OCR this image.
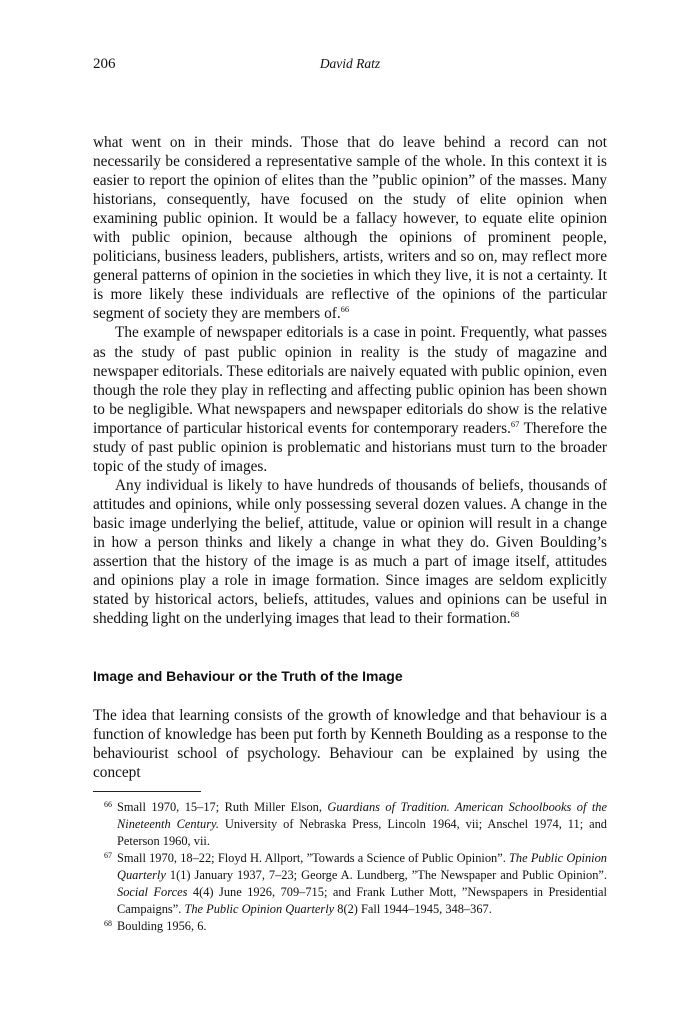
206	David Ratz

what went on in their minds. Those that do leave behind a record can not necessarily be considered a representative sample of the whole. In this context it is easier to report the opinion of elites than the ”public opinion” of the masses. Many historians, consequently, have focused on the study of elite opinion when examining public opinion. It would be a fallacy however, to equate elite opinion with public opinion, because although the opinions of prominent people, politicians, business leaders, publishers, artists, writers and so on, may reflect more general patterns of opinion in the societies in which they live, it is not a certainty. It is more likely these individuals are reflective of the opinions of the particular segment of society they are members of.$^{66}$

The example of newspaper editorials is a case in point. Frequently, what passes as the study of past public opinion in reality is the study of magazine and newspaper editorials. These editorials are naively equated with public opinion, even though the role they play in reflecting and affecting public opinion has been shown to be negligible. What newspapers and newspaper editorials do show is the relative importance of particular historical events for contemporary readers.$^{67}$ Therefore the study of past public opinion is problematic and historians must turn to the broader topic of the study of images.

Any individual is likely to have hundreds of thousands of beliefs, thousands of attitudes and opinions, while only possessing several dozen values. A change in the basic image underlying the belief, attitude, value or opinion will result in a change in how a person thinks and likely a change in what they do. Given Boulding’s assertion that the history of the image is as much a part of image itself, attitudes and opinions play a role in image formation. Since images are seldom explicitly stated by historical actors, beliefs, attitudes, values and opinions can be useful in shedding light on the underlying images that lead to their formation.$^{68}$

Image and Behaviour or the Truth of the Image

The idea that learning consists of the growth of knowledge and that behaviour is a function of knowledge has been put forth by Kenneth Boulding as a response to the behaviourist school of psychology. Behaviour can be explained by using the concept

66 Small 1970, 15–17; Ruth Miller Elson, Guardians of Tradition. American Schoolbooks of the Nineteenth Century. University of Nebraska Press, Lincoln 1964, vii; Anschel 1974, 11; and Peterson 1960, vii.
67 Small 1970, 18–22; Floyd H. Allport, ”Towards a Science of Public Opinion”. The Public Opinion Quarterly 1(1) January 1937, 7–23; George A. Lundberg, ”The Newspaper and Public Opinion”. Social Forces 4(4) June 1926, 709–715; and Frank Luther Mott, ”Newspapers in Presidential Campaigns”. The Public Opinion Quarterly 8(2) Fall 1944–1945, 348–367.
68 Boulding 1956, 6.
